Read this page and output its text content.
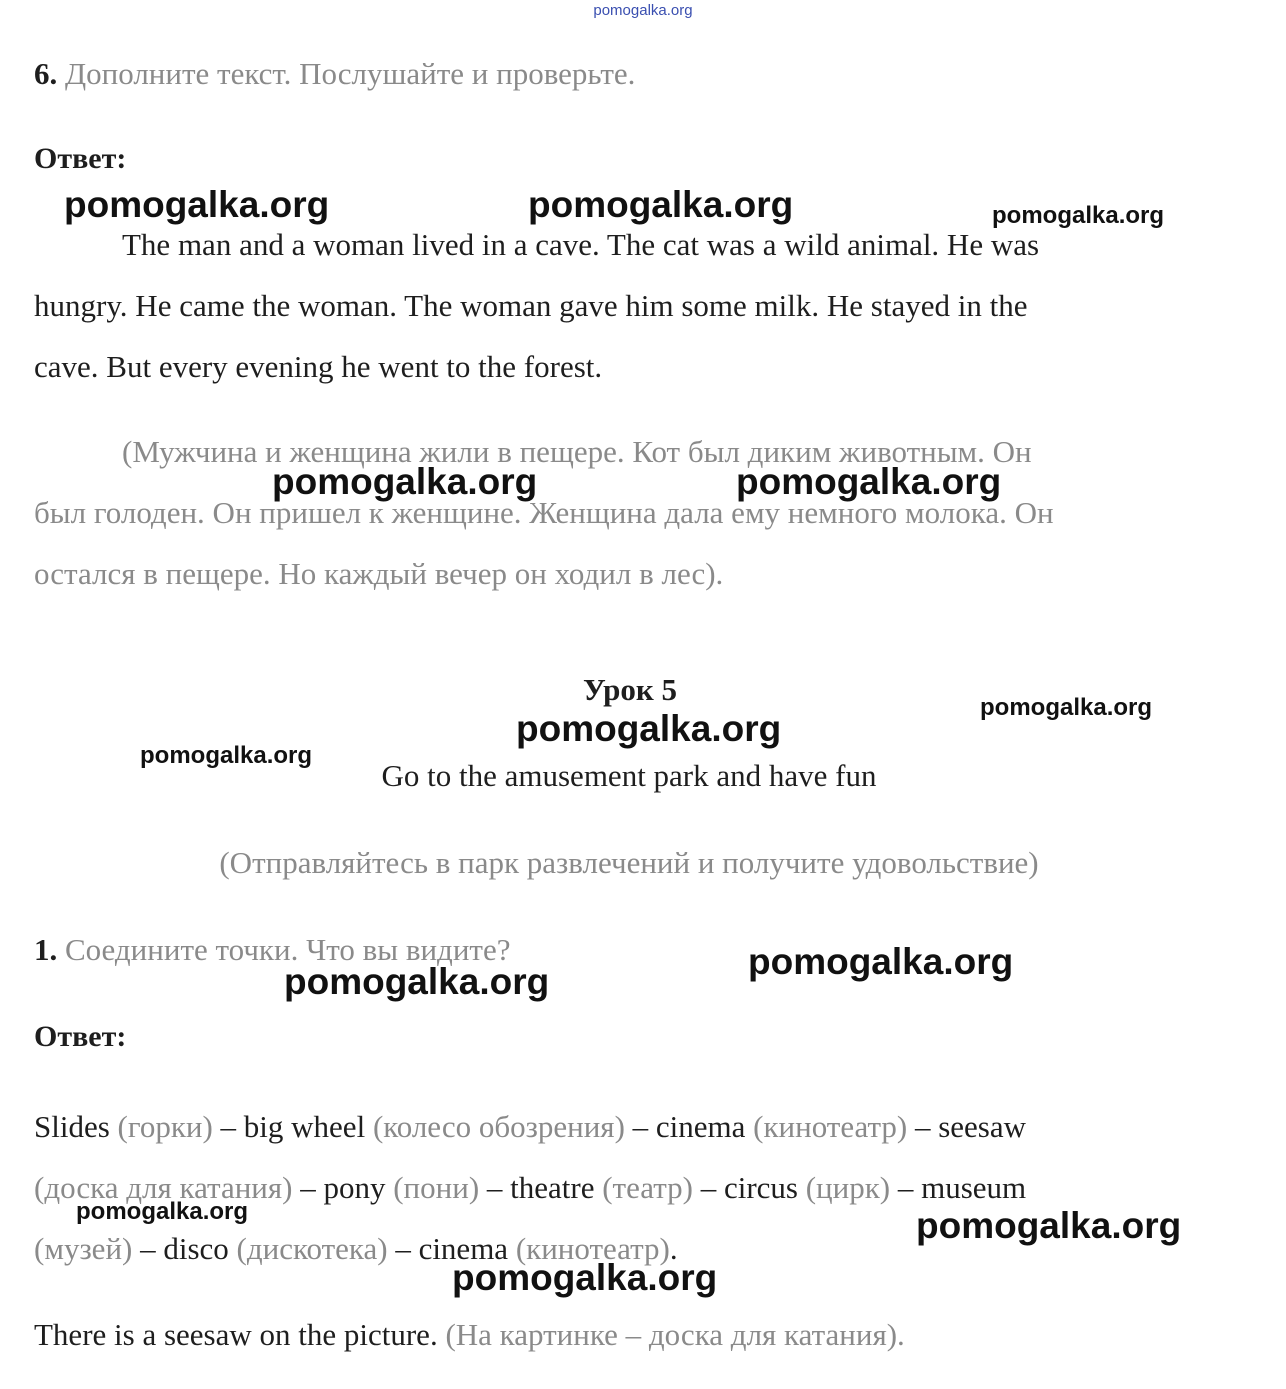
pomogalka.org
6. Дополните текст. Послушайте и проверьте.
Ответ:
The man and a woman lived in a cave. The cat was a wild animal. He was
hungry. He came the woman. The woman gave him some milk. He stayed in the
cave. But every evening he went to the forest.
(Мужчина и женщина жили в пещере. Кот был диким животным. Он
был голоден. Он пришел к женщине. Женщина дала ему немного молока. Он
остался в пещере. Но каждый вечер он ходил в лес).
Урок 5
Go to the amusement park and have fun
(Отправляйтесь в парк развлечений и получите удовольствие)
1. Соедините точки. Что вы видите?
Ответ:
Slides (горки) – big wheel (колесо обозрения) – cinema (кинотеатр) – seesaw
(доска для катания) – pony (пони) – theatre (театр) – circus (цирк) – museum
(музей) – disco (дискотека) – cinema (кинотеатр).
There is a seesaw on the picture. (На картинке – доска для катания).
pomogalka.org	pomogalka.org	pomogalka.org
pomogalka.org	pomogalka.org
pomogalka.org
pomogalka.org
pomogalka.org
pomogalka.org
pomogalka.org
pomogalka.org	pomogalka.org
pomogalka.org
